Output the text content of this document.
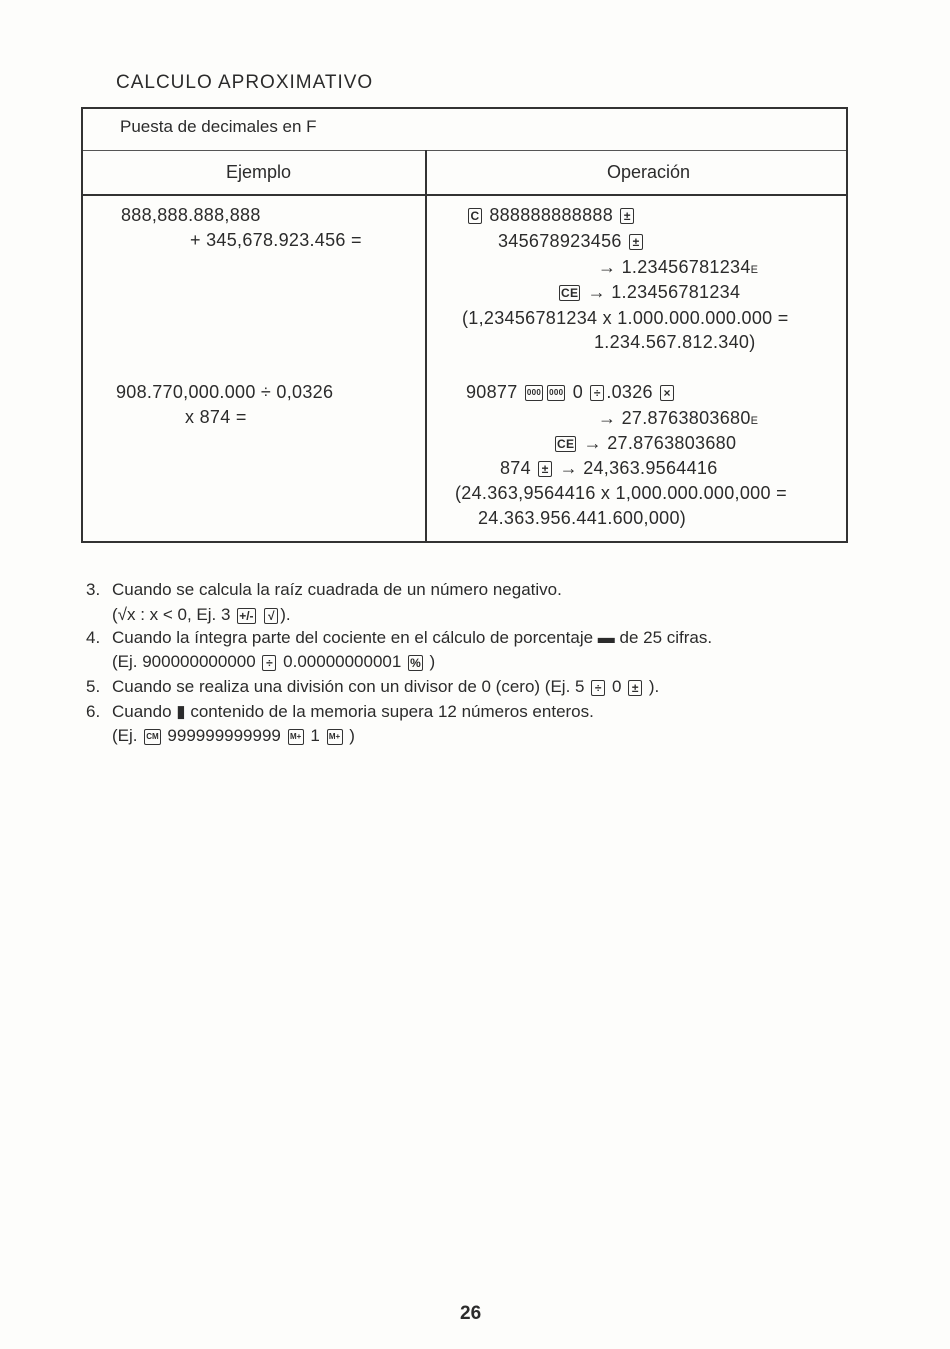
CALCULO APROXIMATIVO
Puesta de decimales en F
Ejemplo	Operación
888,888.888,888
+ 345,678.923.456 =
C 888888888888 ±
345678923456 ±
→ 1.23456781234E
CE → 1.23456781234
(1,23456781234 x 1.000.000.000.000 =
1.234.567.812.340)
908.770,000.000 ÷ 0,0326
x 874 =
90877 000 000 0 ÷ .0326 ×
→ 27.8763803680E
CE → 27.8763803680
874 ± → 24,363.9564416
(24.363,9564416 x 1,000.000.000,000 =
24.363.956.441.600,000)
3. Cuando se calcula la raíz cuadrada de un número negativo.
(√x : x < 0, Ej. 3 +/- √ ).
4. Cuando la íntegra parte del cociente en el cálculo de porcentaje ▬ de 25 cifras.
(Ej. 900000000000 ÷ 0.00000000001 % )
5. Cuando se realiza una división con un divisor de 0 (cero) (Ej. 5 ÷ 0 ± ).
6. Cuando ▮ contenido de la memoria supera 12 números enteros.
(Ej. CM 999999999999 M+ 1 M+ )
26
